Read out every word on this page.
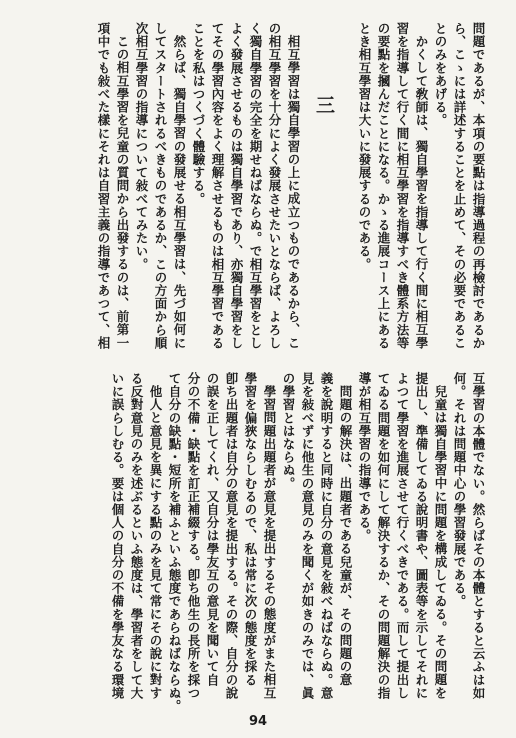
問題であるが、本項の要點は指導過程の再檢討であるか
ら、こゝには詳述することを止めて、その必要であるこ
とのみをあげる。
かくして敎師は、獨自學習を指導して行く間に相互學
習を指導して行く間に相互學習を指導すべき體系方法等
の要點を摑んだことになる。かゝる進展コース上にある
とき相互學習は大いに發展するのである。
三
相互學習は獨自學習の上に成立つものであるから、こ
の相互學習を十分によく發展させたいとならば、よろし
く獨自學習の完全を期せねばならぬ。で相互學習をとし
よく發展させるものは獨自學習であり、亦獨自學習をし
てその學習內容をよく理解させるものは相互學習である
ことを私はつくづく體驗する。
然らば、獨自學習の發展せる相互學習は、先づ如何に
してスタートされるべきものであるか、この方面から順
次相互學習の指導について敍べてみたい。
この相互學習を兒童の質問から出發するのは、前第一
項中でも敍べた樣にそれは自習主義の指導であつて、相
互學習の本體でない。然らばその本體とすると云ふは如
何。それは問題中心の學習發展である。
兒童は獨自學習中に問題を構成してゐる。その問題を
提出し、準備してゐる說明書や、圖表等を示してそれに
よつて學習を進展させて行くべきである。而して提出し
てゐる問題を如何にして解決するか、その問題解決の指
導が相互學習の指導である。
問題の解決は、出題者である兒童が、その問題の意
義を說明すると同時に自分の意見を敍べねばならぬ。意
見を敍べずに他生の意見のみを聞くが如きのみでは、眞
の學習とはならぬ。
學習問題出題者が意見を提出するその態度がまた相互
學習を偏狹ならしむるので、私は常に次の態度を採る
卽ち出題者は自分の意見を提出する。その際、自分の說
の誤を正してくれ、又自分は學友互の意見を聞いて自
分の不備・缺點を訂正補綴する。卽ち他生の長所を採つ
て自分の缺點・短所を補ふといふ態度であらねばならぬ。
他人と意見を異にする點のみを見て常にその說に對す
る反對意見のみを述ぶるといふ態度は、學習者をして大
いに誤らしむる。要は個人の自分の不備を學友なる環境
94
